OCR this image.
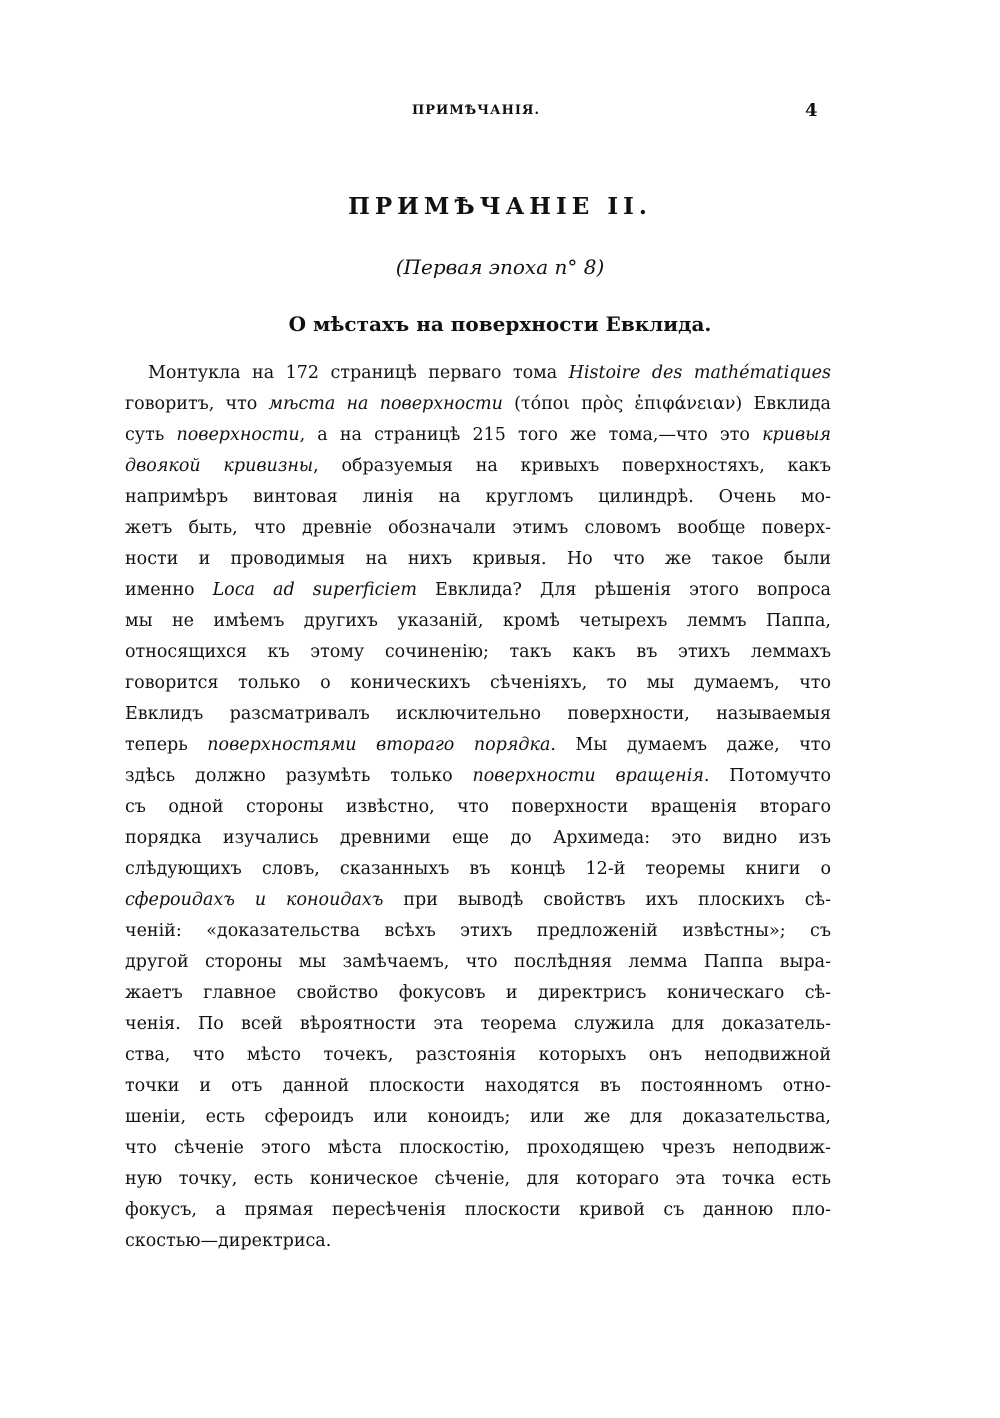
ПРИМѢЧАНІЯ.	4
ПРИМѢЧАНІЕ II.
(Первая эпоха n° 8)
О мѣстахъ на поверхности Евклида.
Монтукла на 172 страницѣ перваго тома Histoire des mathématiques
говоритъ, что мѣста на поверхности (τόποι πρὸς ἐπιφάνειαν) Евклида
суть поверхности, а на страницѣ 215 того же тома,—что это кривыя
двоякой кривизны, образуемыя на кривыхъ поверхностяхъ, какъ
напримѣръ винтовая линія на кругломъ цилиндрѣ. Очень мо-
жетъ быть, что древніе обозначали этимъ словомъ вообще поверх-
ности и проводимыя на нихъ кривыя. Но что же такое были
именно Loca ad superficiem Евклида? Для рѣшенія этого вопроса
мы не имѣемъ другихъ указаній, кромѣ четырехъ леммъ Паппа,
относящихся къ этому сочиненію; такъ какъ въ этихъ леммахъ
говорится только о коническихъ сѣченіяхъ, то мы думаемъ, что
Евклидъ разсматривалъ исключительно поверхности, называемыя
теперь поверхностями втораго порядка. Мы думаемъ даже, что
здѣсь должно разумѣть только поверхности вращенія. Потомучто
съ одной стороны извѣстно, что поверхности вращенія втораго
порядка изучались древними еще до Архимеда: это видно изъ
слѣдующихъ словъ, сказанныхъ въ концѣ 12-й теоремы книги о
сфероидахъ и коноидахъ при выводѣ свойствъ ихъ плоскихъ сѣ-
ченій: «доказательства всѣхъ этихъ предложеній извѣстны»; съ
другой стороны мы замѣчаемъ, что послѣдняя лемма Паппа выра-
жаетъ главное свойство фокусовъ и директрисъ коническаго сѣ-
ченія. По всей вѣроятности эта теорема служила для доказатель-
ства, что мѣсто точекъ, разстоянія которыхъ онъ неподвижной
точки и отъ данной плоскости находятся въ постоянномъ отно-
шеніи, есть сфероидъ или коноидъ; или же для доказательства,
что сѣченіе этого мѣста плоскостію, проходящею чрезъ неподвиж-
ную точку, есть коническое сѣченіе, для котораго эта точка есть
фокусъ, а прямая пересѣченія плоскости кривой съ данною пло-
скостью—директриса.
